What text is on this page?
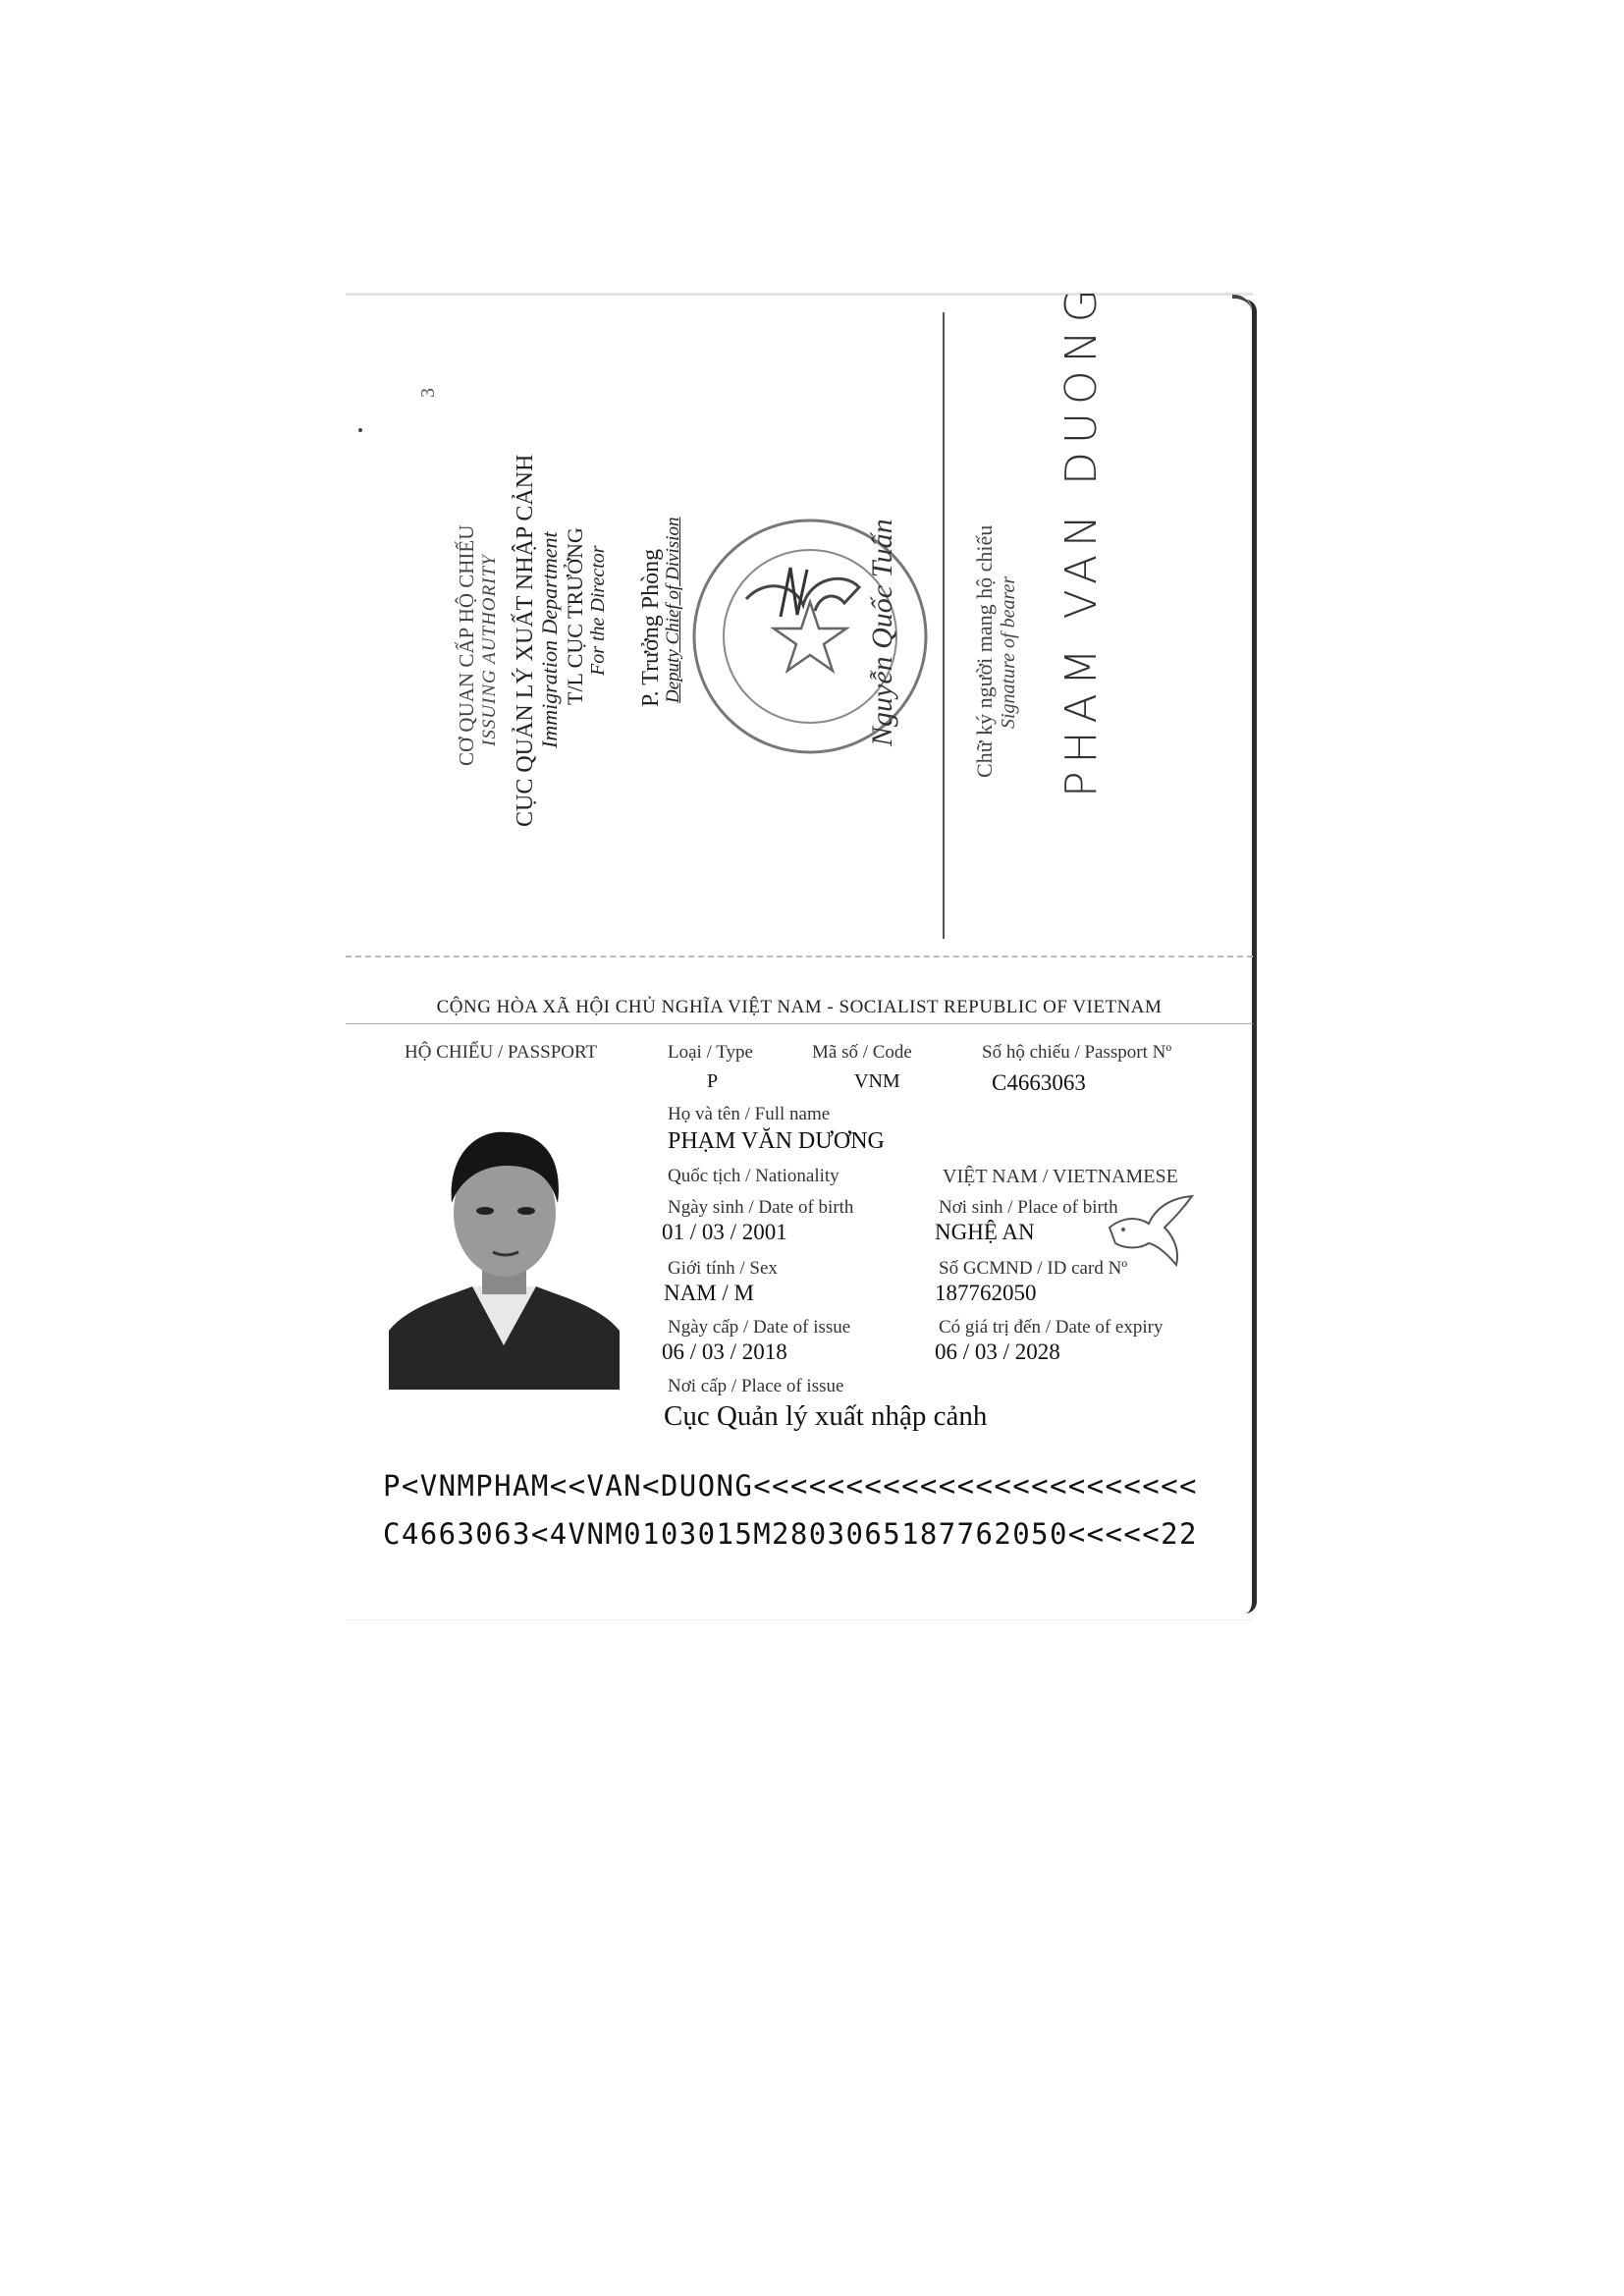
3
CƠ QUAN CẤP HỘ CHIẾU ISSUING AUTHORITY CỤC QUẢN LÝ XUẤT NHẬP CẢNH Immigration Department T/L CỤC TRƯỞNG For the Director P. Trưởng Phòng Deputy Chief of Division	Nguyễn Quốc Tuấn	Chữ ký người mang hộ chiếu Signature of bearer PHAM VAN DUONG
CỘNG HÒA XÃ HỘI CHỦ NGHĨA VIỆT NAM - SOCIALIST REPUBLIC OF VIETNAM
HỘ CHIẾU / PASSPORT	Loại / Type
P
Mã số / Code
VNM
Số hộ chiếu / Passport Nº
C4663063
Họ và tên / Full name
PHẠM VĂN DƯƠNG
Quốc tịch / Nationality	VIỆT NAM / VIETNAMESE
Ngày sinh / Date of birth
01 / 03 / 2001
Nơi sinh / Place of birth
NGHỆ AN
Giới tính / Sex
NAM / M
Số GCMND / ID card Nº
187762050
Ngày cấp / Date of issue
06 / 03 / 2018
Có giá trị đến / Date of expiry
06 / 03 / 2028
Nơi cấp / Place of issue
Cục Quản lý xuất nhập cảnh
P<VNMPHAM<<VAN<DUONG<<<<<<<<<<<<<<<<<<<<<<<<
C4663063<4VNM0103015M2803065187762050<<<<<22
